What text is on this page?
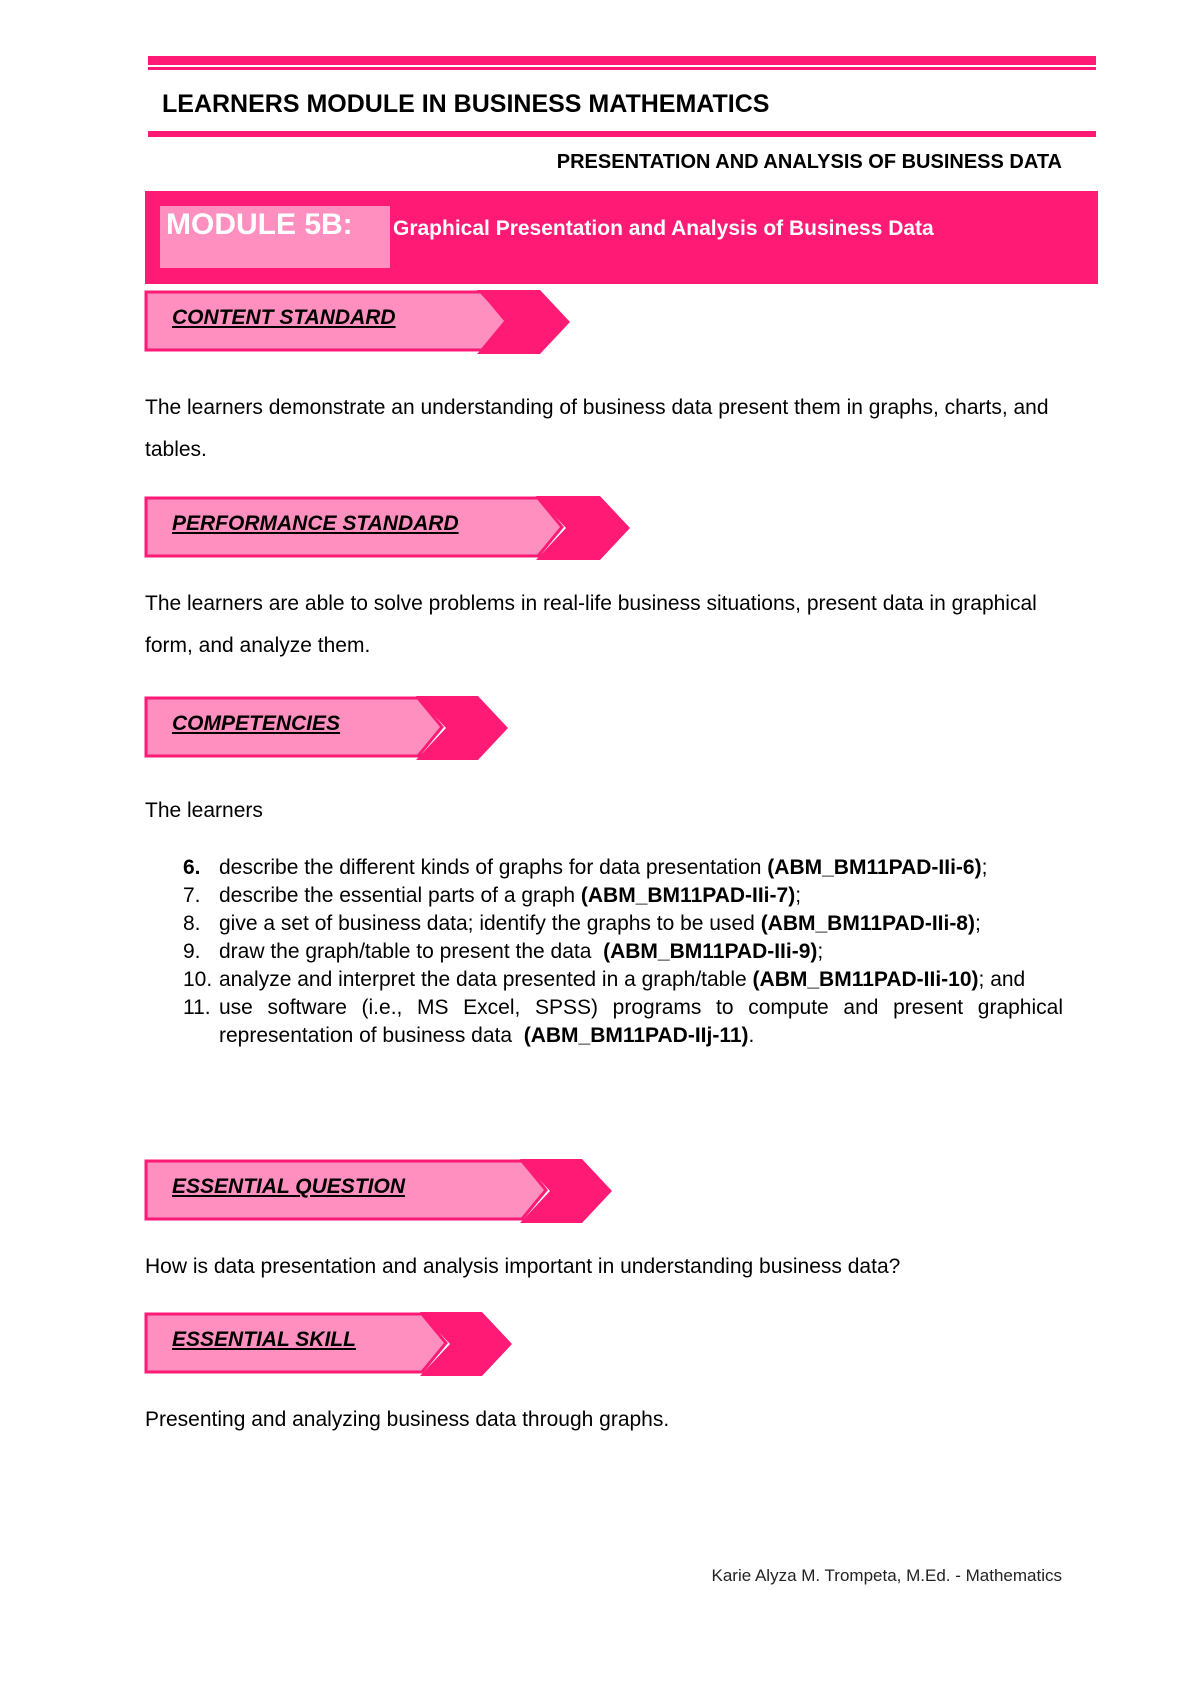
LEARNERS MODULE IN BUSINESS MATHEMATICS
PRESENTATION AND ANALYSIS OF BUSINESS DATA
MODULE 5B: Graphical Presentation and Analysis of Business Data
CONTENT STANDARD
The learners demonstrate an understanding of business data present them in graphs, charts, and tables.
PERFORMANCE STANDARD
The learners are able to solve problems in real-life business situations, present data in graphical form, and analyze them.
COMPETENCIES
The learners
6. describe the different kinds of graphs for data presentation (ABM_BM11PAD-IIi-6);
7. describe the essential parts of a graph (ABM_BM11PAD-IIi-7);
8. give a set of business data; identify the graphs to be used (ABM_BM11PAD-IIi-8);
9. draw the graph/table to present the data  (ABM_BM11PAD-IIi-9);
10. analyze and interpret the data presented in a graph/table (ABM_BM11PAD-IIi-10); and
11. use software (i.e., MS Excel, SPSS) programs to compute and present graphical representation of business data  (ABM_BM11PAD-IIj-11).
ESSENTIAL QUESTION
How is data presentation and analysis important in understanding business data?
ESSENTIAL SKILL
Presenting and analyzing business data through graphs.
Karie Alyza M. Trompeta, M.Ed. - Mathematics
